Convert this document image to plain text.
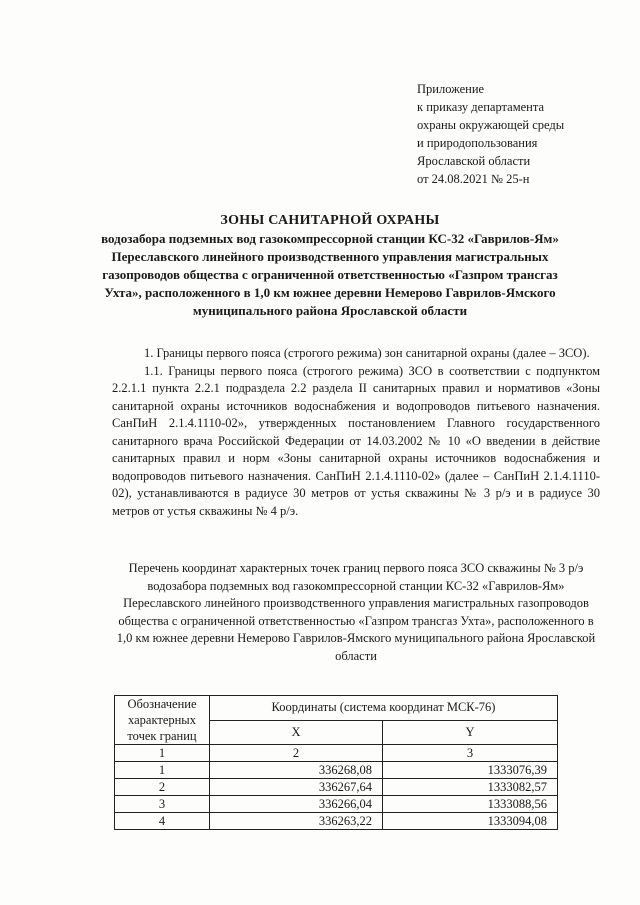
Приложение
к приказу департамента
охраны окружающей среды
и природопользования
Ярославской области
от 24.08.2021 № 25-н
ЗОНЫ САНИТАРНОЙ ОХРАНЫ
водозабора подземных вод газокомпрессорной станции КС-32 «Гаврилов-Ям» Переславского линейного производственного управления магистральных газопроводов общества с ограниченной ответственностью «Газпром трансгаз Ухта», расположенного в 1,0 км южнее деревни Немерово Гаврилов-Ямского муниципального района Ярославской области

1. Границы первого пояса (строгого режима) зон санитарной охраны (далее – ЗСО).

1.1. Границы первого пояса (строгого режима) ЗСО в соответствии с подпунктом 2.2.1.1 пункта 2.2.1 подраздела 2.2 раздела II санитарных правил и нормативов «Зоны санитарной охраны источников водоснабжения и водопроводов питьевого назначения. СанПиН 2.1.4.1110-02», утвержденных постановлением Главного государственного санитарного врача Российской Федерации от 14.03.2002 № 10 «О введении в действие санитарных правил и норм «Зоны санитарной охраны источников водоснабжения и водопроводов питьевого назначения. СанПиН 2.1.4.1110-02» (далее – СанПиН 2.1.4.1110-02), устанавливаются в радиусе 30 метров от устья скважины № 3 р/э и в радиусе 30 метров от устья скважины № 4 р/э.

Перечень координат характерных точек границ первого пояса ЗСО скважины № 3 р/э водозабора подземных вод газокомпрессорной станции КС-32 «Гаврилов-Ям» Переславского линейного производственного управления магистральных газопроводов общества с ограниченной ответственностью «Газпром трансгаз Ухта», расположенного в 1,0 км южнее деревни Немерово Гаврилов-Ямского муниципального района Ярославской области
Обозначение характерных точек границ	Координаты (система координат МСК-76)	
	X	Y
1	2	3
1	336268,08	1333076,39
2	336267,64	1333082,57
3	336266,04	1333088,56
4	336263,22	1333094,08
